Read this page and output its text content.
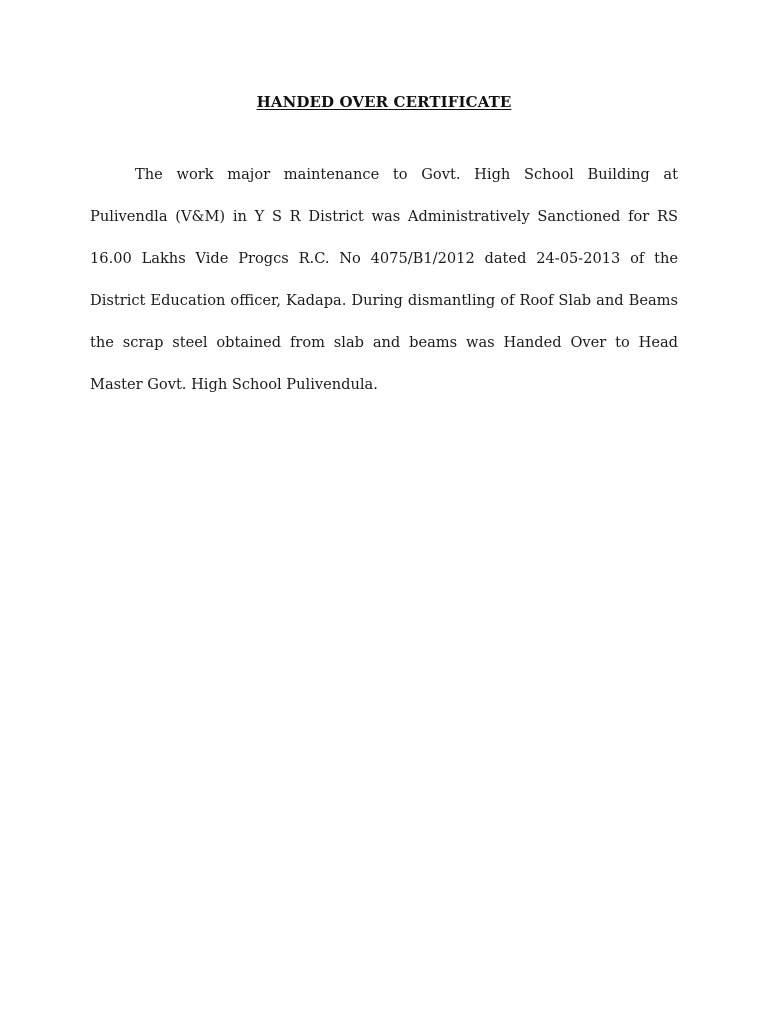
HANDED OVER CERTIFICATE

The work major maintenance to Govt. High School Building at Pulivendla (V&M) in Y S R District was Administratively Sanctioned for RS 16.00 Lakhs Vide Progcs R.C. No 4075/B1/2012 dated 24-05-2013 of the District Education officer, Kadapa. During dismantling of Roof Slab and Beams the scrap steel obtained from slab and beams was Handed Over to Head Master Govt. High School Pulivendula.
